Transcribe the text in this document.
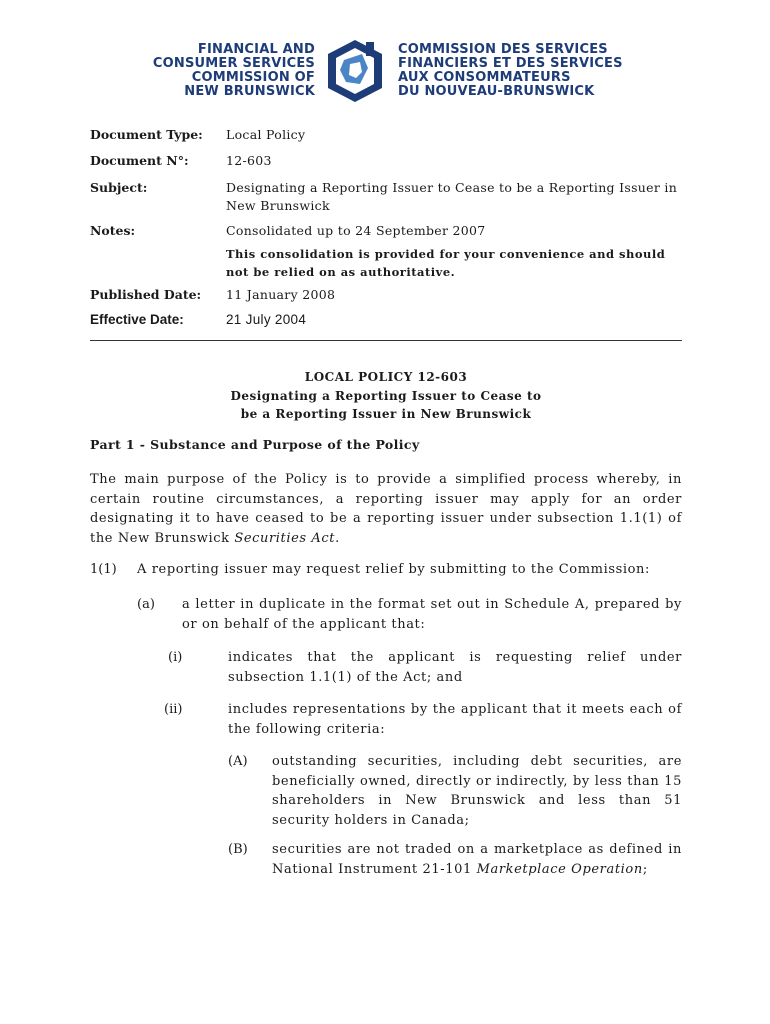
FINANCIAL AND
CONSUMER SERVICES
COMMISSION OF
NEW BRUNSWICK
COMMISSION DES SERVICES
FINANCIERS ET DES SERVICES
AUX CONSOMMATEURS
DU NOUVEAU-BRUNSWICK
Document Type: Local Policy
Document N°:	12-603
Subject:	Designating a Reporting Issuer to Cease to be a Reporting Issuer in New Brunswick
Notes:	Consolidated up to 24 September 2007
This consolidation is provided for your convenience and should not be relied on as authoritative.
Published Date: 11 January 2008
Effective Date:	21 July 2004
LOCAL POLICY 12-603
Designating a Reporting Issuer to Cease to
be a Reporting Issuer in New Brunswick
Part 1 - Substance and Purpose of the Policy
The main purpose of the Policy is to provide a simplified process whereby, in certain routine circumstances, a reporting issuer may apply for an order designating it to have ceased to be a reporting issuer under subsection 1.1(1) of the New Brunswick Securities Act.
1(1) A reporting issuer may request relief by submitting to the Commission:
(a) a letter in duplicate in the format set out in Schedule A, prepared by or on behalf of the applicant that:
(i)	indicates that the applicant is requesting relief under subsection 1.1(1) of the Act; and
(ii)	includes representations by the applicant that it meets each of the following criteria:
(A) outstanding securities, including debt securities, are beneficially owned, directly or indirectly, by less than 15 shareholders in New Brunswick and less than 51 security holders in Canada;
(B) securities are not traded on a marketplace as defined in National Instrument 21-101 Marketplace Operation;
